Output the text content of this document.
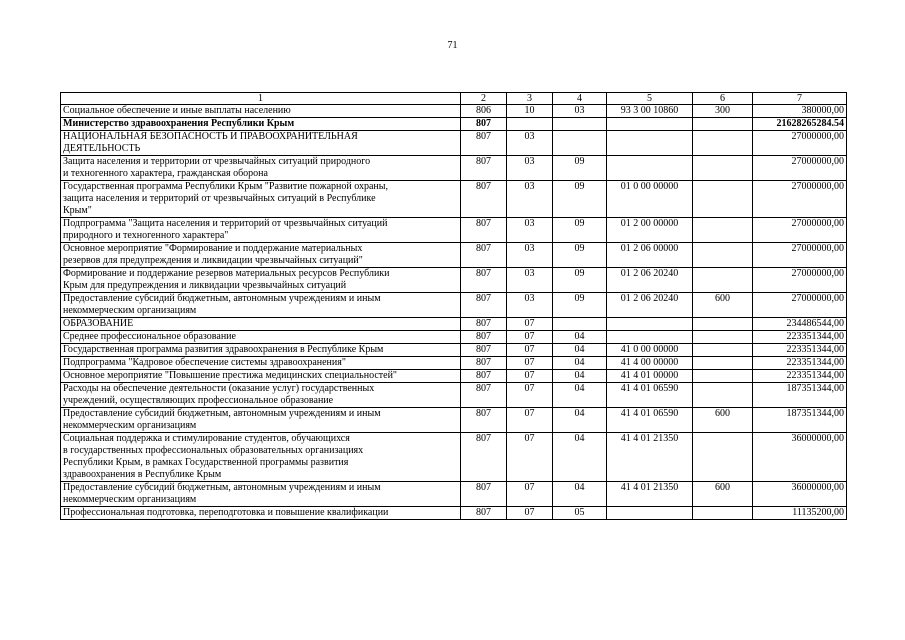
71
1	2	3	4	5	6	7
Социальное обеспечение и иные выплаты населению	806	10	03	93 3 00 10860	300	380000,00
Министерство здравоохранения Республики Крым	807					21628265284.54
НАЦИОНАЛЬНАЯ БЕЗОПАСНОСТЬ И ПРАВООХРАНИТЕЛЬНАЯ
ДЕЯТЕЛЬНОСТЬ	807	03				27000000,00
Защита населения и территории от чрезвычайных ситуаций природного
и техногенного характера, гражданская оборона	807	03	09			27000000,00
Государственная программа Республики Крым "Развитие пожарной охраны,
защита населения и территорий от чрезвычайных ситуаций в Республике
Крым"	807	03	09	01 0 00 00000		27000000,00
Подпрограмма "Защита населения и территорий от чрезвычайных ситуаций
природного и техногенного характера"	807	03	09	01 2 00 00000		27000000,00
Основное мероприятие "Формирование и поддержание материальных
резервов для предупреждения и ликвидации чрезвычайных ситуаций"	807	03	09	01 2 06 00000		27000000,00
Формирование и поддержание резервов материальных ресурсов Республики
Крым для предупреждения и ликвидации чрезвычайных ситуаций	807	03	09	01 2 06 20240		27000000,00
Предоставление субсидий бюджетным, автономным учреждениям и иным
некоммерческим организациям	807	03	09	01 2 06 20240	600	27000000,00
ОБРАЗОВАНИЕ	807	07				234486544,00
Среднее профессиональное образование	807	07	04			223351344,00
Государственная программа развития здравоохранения в Республике Крым	807	07	04	41 0 00 00000		223351344,00
Подпрограмма "Кадровое обеспечение системы здравоохранения"	807	07	04	41 4 00 00000		223351344,00
Основное мероприятие "Повышение престижа медицинских специальностей"	807	07	04	41 4 01 00000		223351344,00
Расходы на обеспечение деятельности (оказание услуг) государственных
учреждений, осуществляющих профессиональное образование	807	07	04	41 4 01 06590		187351344,00
Предоставление субсидий бюджетным, автономным учреждениям и иным
некоммерческим организациям	807	07	04	41 4 01 06590	600	187351344,00
Социальная поддержка и стимулирование студентов, обучающихся
в государственных профессиональных образовательных организациях
Республики Крым, в рамках Государственной программы развития
здравоохранения в Республике Крым	807	07	04	41 4 01 21350		36000000,00
Предоставление субсидий бюджетным, автономным учреждениям и иным
некоммерческим организациям	807	07	04	41 4 01 21350	600	36000000,00
Профессиональная подготовка, переподготовка и повышение квалификации	807	07	05			11135200,00
